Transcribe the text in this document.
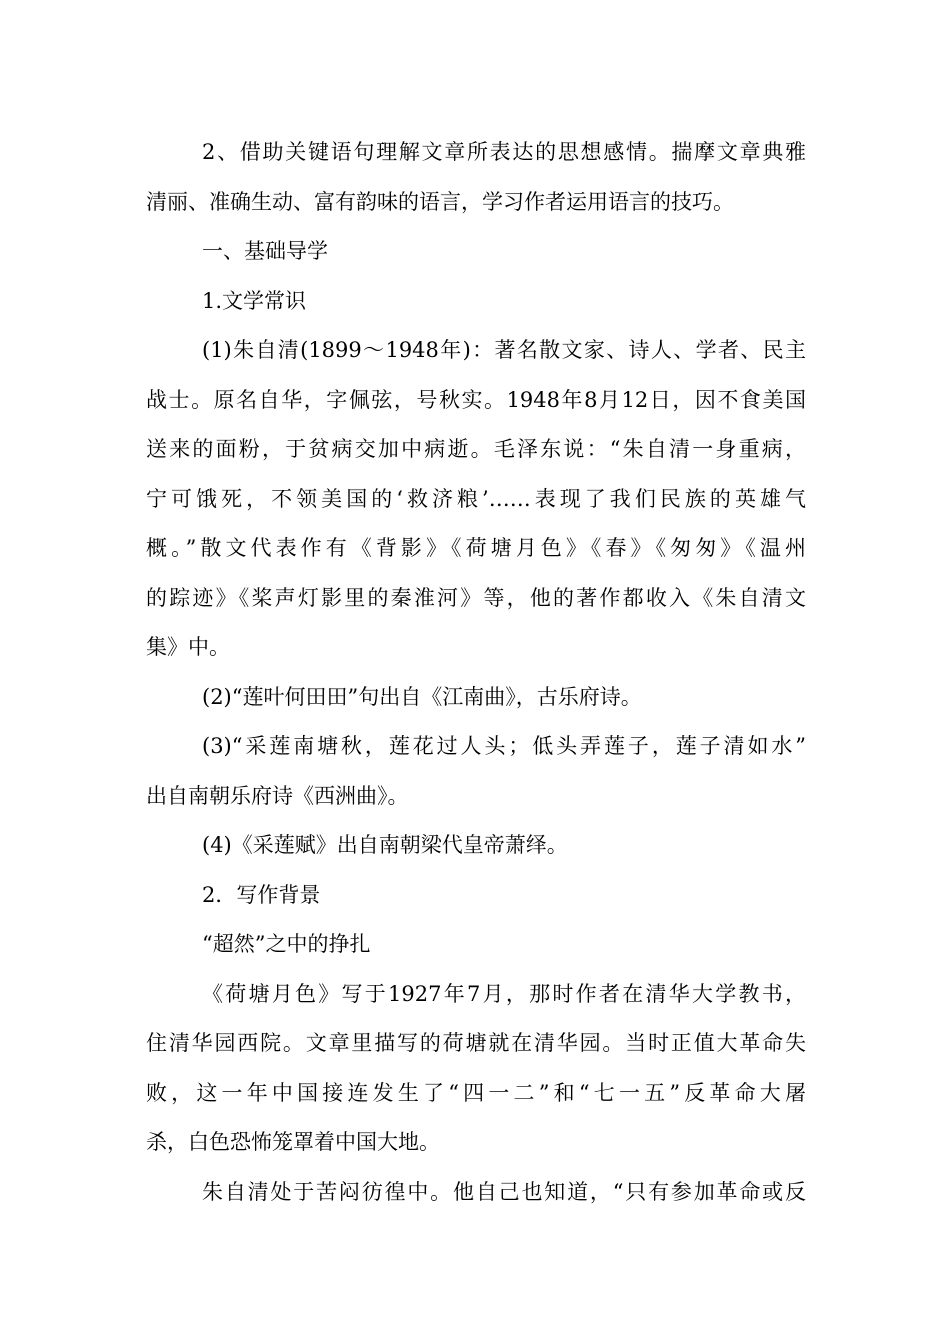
2、借助关键语句理解文章所表达的思想感情。揣摩文章典雅
清丽、准确生动、富有韵味的语言，学习作者运用语言的技巧。
一、基础导学
1.文学常识
(1)朱自清(1899～1948年)：著名散文家、诗人、学者、民主
战士。原名自华，字佩弦，号秋实。1948年8月12日，因不食美国
送来的面粉，于贫病交加中病逝。毛泽东说：“朱自清一身重病，
宁可饿死，不领美国的‘救济粮’……表现了我们民族的英雄气
概。”散文代表作有《背影》《荷塘月色》《春》《匆匆》《温州
的踪迹》《桨声灯影里的秦淮河》等，他的著作都收入《朱自清文
集》中。
(2)“莲叶何田田”句出自《江南曲》，古乐府诗。
(3)“采莲南塘秋，莲花过人头；低头弄莲子，莲子清如水”
出自南朝乐府诗《西洲曲》。
(4)《采莲赋》出自南朝梁代皇帝萧绎。
2．写作背景
“超然”之中的挣扎
《荷塘月色》写于1927年7月，那时作者在清华大学教书，
住清华园西院。文章里描写的荷塘就在清华园。当时正值大革命失
败，这一年中国接连发生了“四一二”和“七一五”反革命大屠
杀，白色恐怖笼罩着中国大地。
朱自清处于苦闷彷徨中。他自己也知道，“只有参加革命或反
